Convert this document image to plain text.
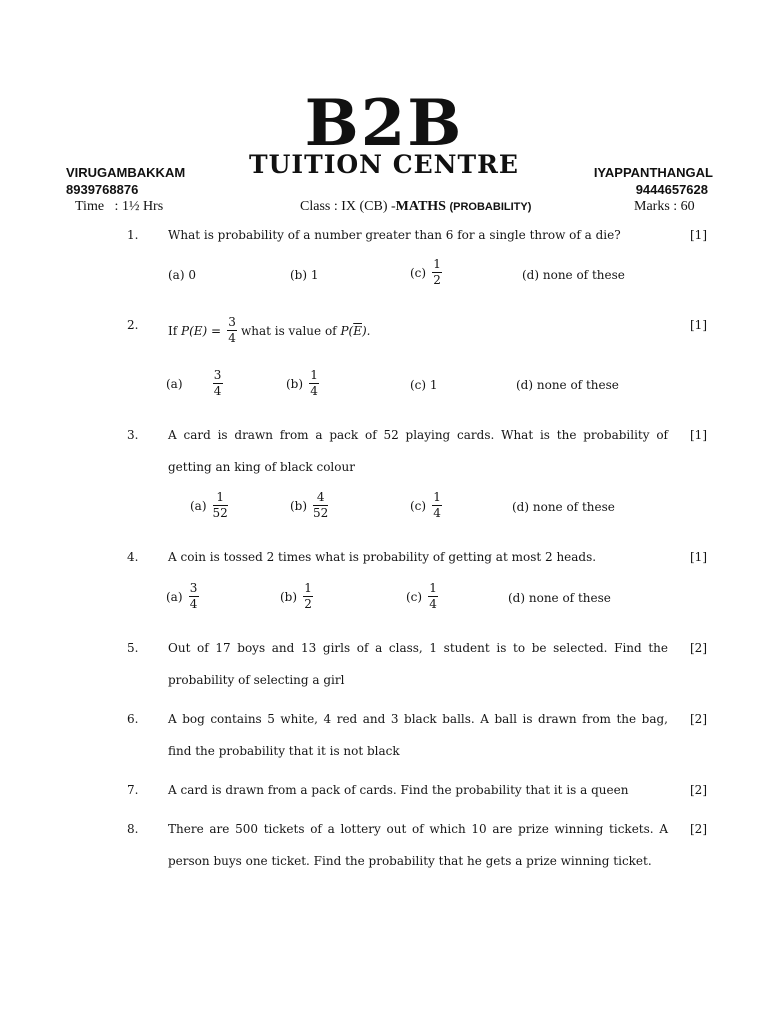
B2B
TUITION CENTRE
VIRUGAMBAKKAM
8939768876
IYAPPANTHANGAL
9444657628
Time   : 1½ Hrs	Class : IX (CB) -MATHS (PROBABILITY)	Marks : 60
1. What is probability of a number greater than 6 for a single throw of a die?	[1]
(a) 0	(b) 1	$(c) \frac{1}{2}$	(d) none of these
2. If
P(E)
= $\frac{3}{4}$
what is value of
P( $\overline{E}$ ).	[1]
(a)	$\frac{3}{4}$	$(b) \frac{1}{4}$	(c) 1	(d) none of these
3. A card is drawn from a pack of 52 playing cards. What is the probability of
getting an king of black colour
[1]
$(a) \frac{1}{52}$	$(b) \frac{4}{52}$	$(c) \frac{1}{4}$	(d) none of these
4. A coin is tossed 2 times what is probability of getting at most 2 heads.	[1]
$(a) \frac{3}{4}$	$(b) \frac{1}{2}$	$(c) \frac{1}{4}$	(d) none of these
5. Out of 17 boys and 13 girls of a class, 1 student is to be selected. Find the
probability of selecting a girl
[2]
6. A bog contains 5 white, 4 red and 3 black balls. A ball is drawn from the bag,
find the probability that it is not black
[2]
7. A card is drawn from a pack of cards. Find the probability that it is a queen	[2]
8. There are 500 tickets of a lottery out of which 10 are prize winning tickets. A
person buys one ticket. Find the probability that he gets a prize winning ticket.
[2]
